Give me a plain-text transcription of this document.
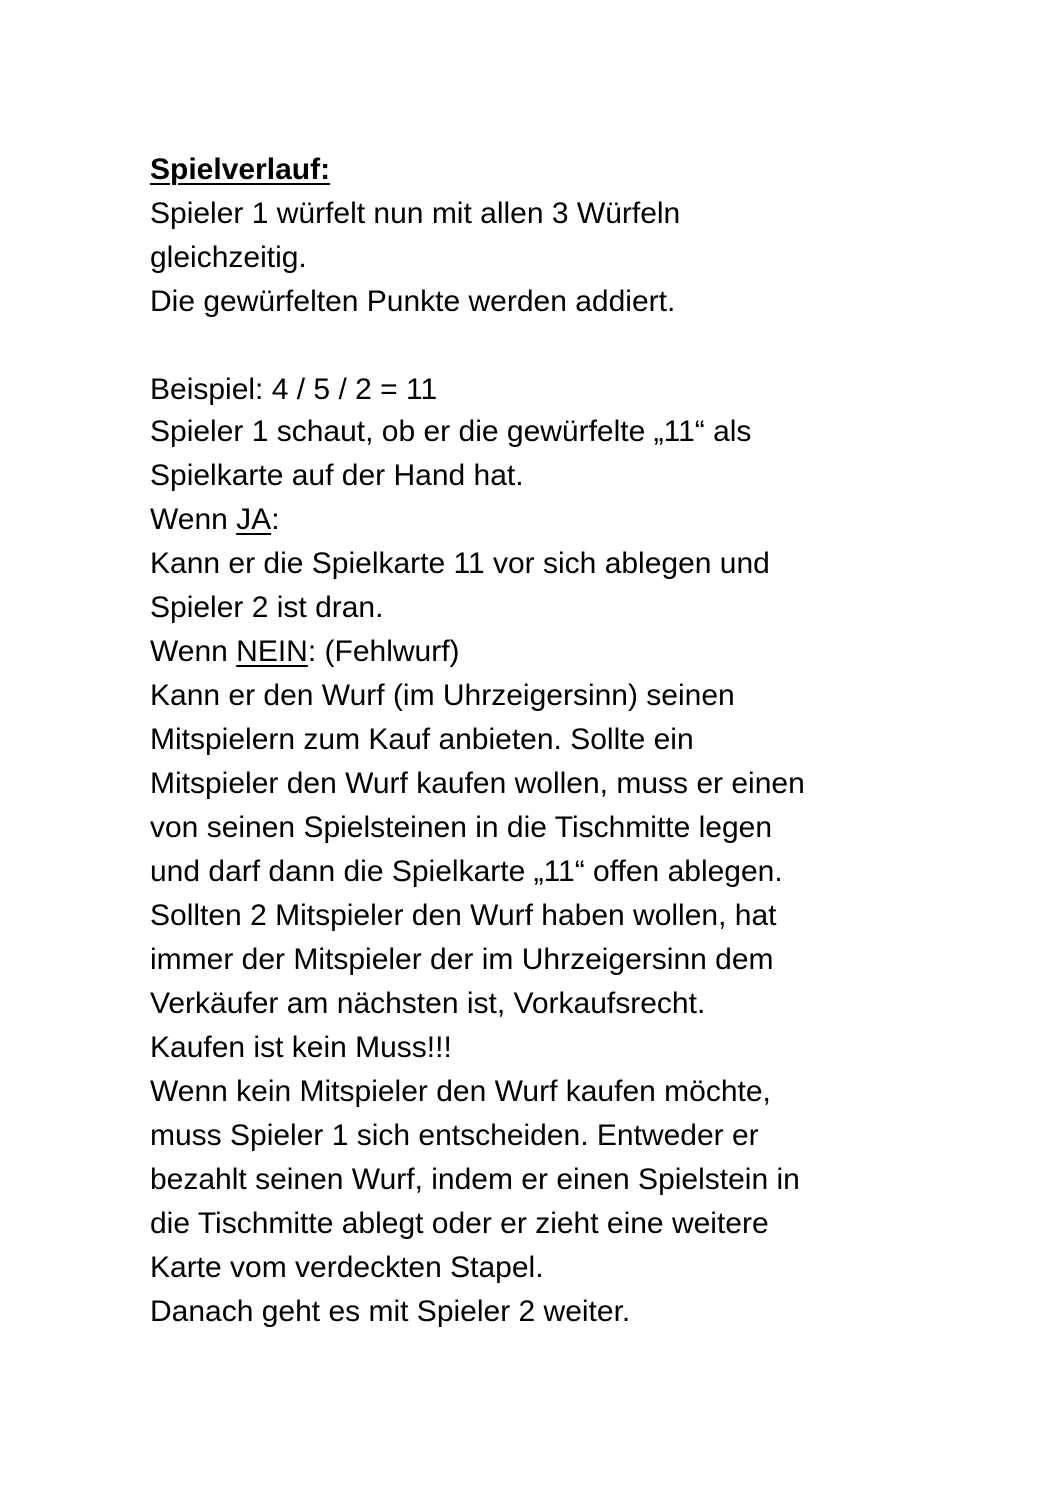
Spielverlauf:
Spieler 1 würfelt nun mit allen 3 Würfeln
gleichzeitig.
Die gewürfelten Punkte werden addiert.
Beispiel: 4 / 5 / 2 = 11
Spieler 1 schaut, ob er die gewürfelte „11“ als
Spielkarte auf der Hand hat.
Wenn JA:
Kann er die Spielkarte 11 vor sich ablegen und
Spieler 2 ist dran.
Wenn NEIN: (Fehlwurf)
Kann er den Wurf (im Uhrzeigersinn) seinen
Mitspielern zum Kauf anbieten. Sollte ein
Mitspieler den Wurf kaufen wollen, muss er einen
von seinen Spielsteinen in die Tischmitte legen
und darf dann die Spielkarte „11“ offen ablegen.
Sollten 2 Mitspieler den Wurf haben wollen, hat
immer der Mitspieler der im Uhrzeigersinn dem
Verkäufer am nächsten ist, Vorkaufsrecht.
Kaufen ist kein Muss!!!
Wenn kein Mitspieler den Wurf kaufen möchte,
muss Spieler 1 sich entscheiden. Entweder er
bezahlt seinen Wurf, indem er einen Spielstein in
die Tischmitte ablegt oder er zieht eine weitere
Karte vom verdeckten Stapel.
Danach geht es mit Spieler 2 weiter.
